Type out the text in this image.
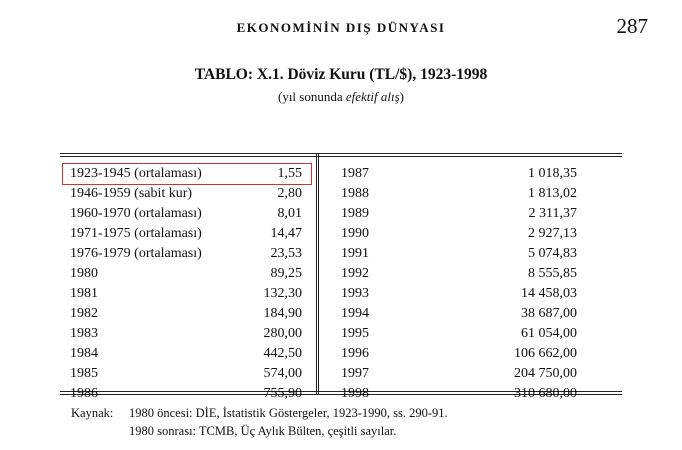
EKONOMİNİN DIŞ DÜNYASI	287
TABLO: X.1. Döviz Kuru (TL/$), 1923-1998
(yıl sonunda efektif alış)
1923-1945 (ortalaması)	1,55
1946-1959 (sabit kur)	2,80
1960-1970 (ortalaması)	8,01
1971-1975 (ortalaması)	14,47
1976-1979 (ortalaması)	23,53
1980	89,25
1981	132,30
1982	184,90
1983	280,00
1984	442,50
1985	574,00
1986	755,90
1987	1 018,35
1988	1 813,02
1989	2 311,37
1990	2 927,13
1991	5 074,83
1992	8 555,85
1993	14 458,03
1994	38 687,00
1995	61 054,00
1996	106 662,00
1997	204 750,00
1998	310 680,00
Kaynak: 1980 öncesi: DİE, İstatistik Göstergeler, 1923-1990, ss. 290-91.
1980 sonrası: TCMB, Üç Aylık Bülten, çeşitli sayılar.
